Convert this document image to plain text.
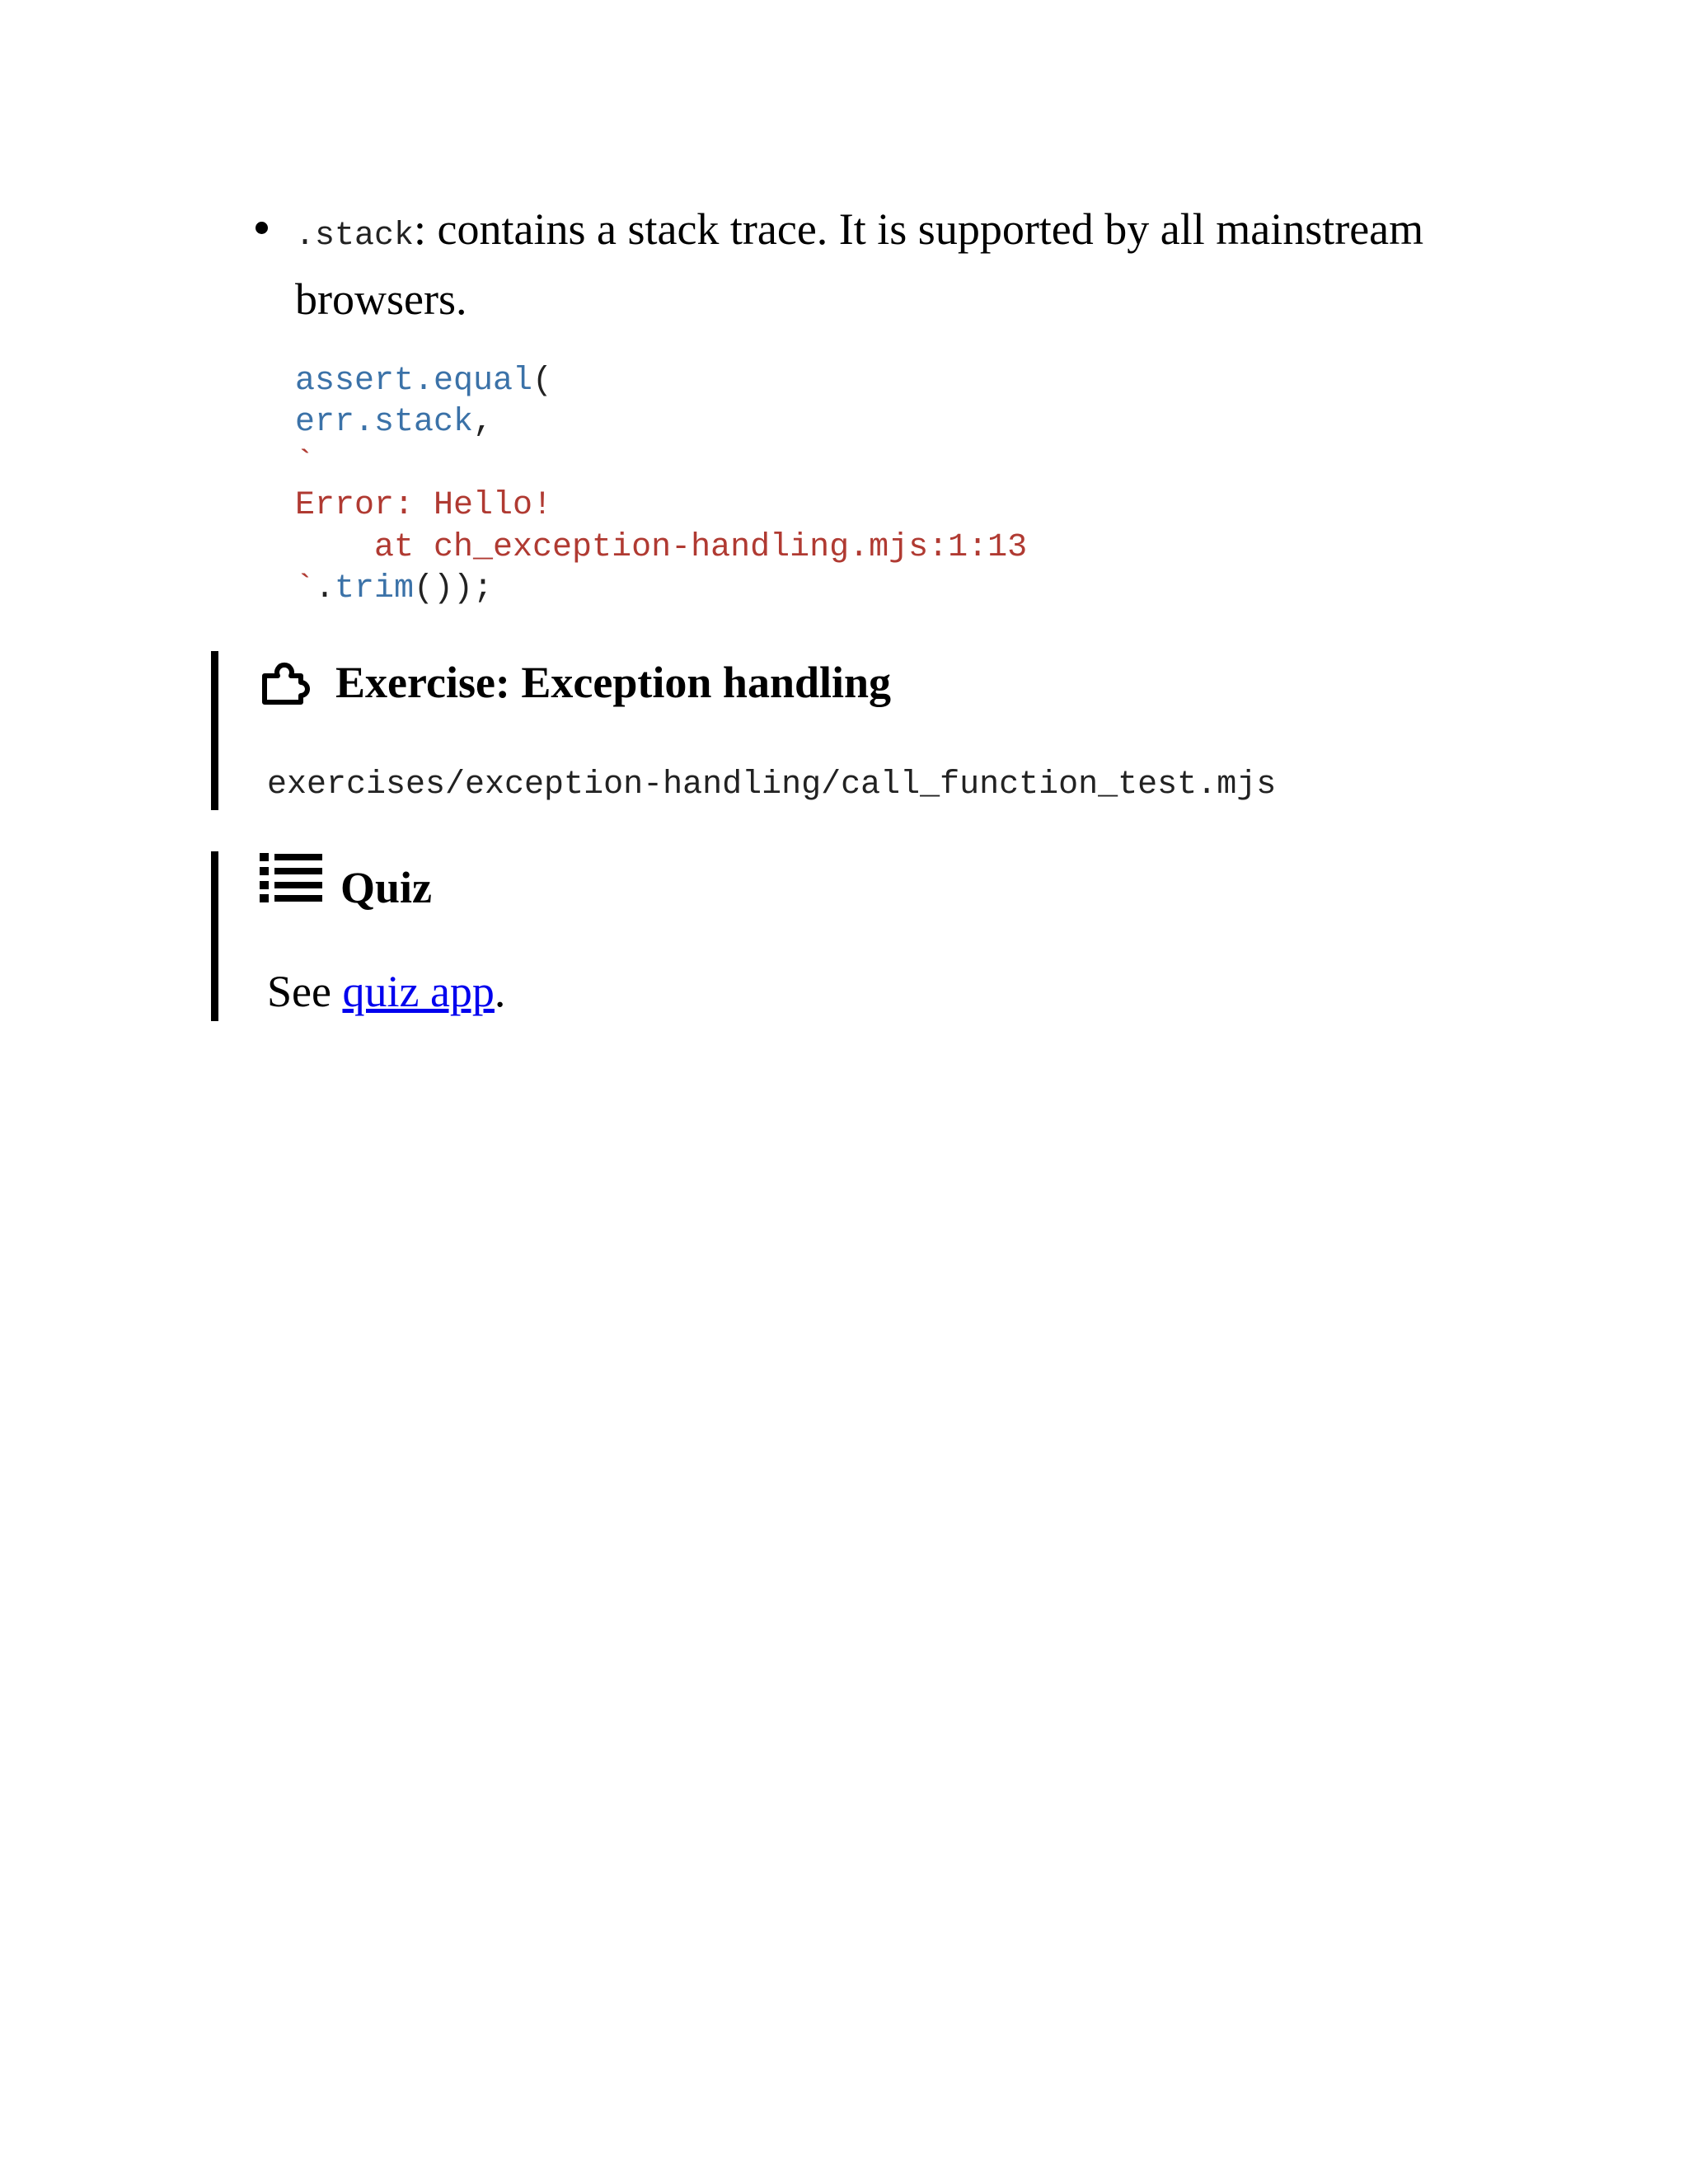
.stack: contains a stack trace. It is supported by all mainstream browsers.
assert.equal(
err.stack,
`
Error: Hello!
at ch_exception-handling.mjs:1:13
`.trim());
Exercise: Exception handling
exercises/exception-handling/call_function_test.mjs
Quiz
See quiz app.
